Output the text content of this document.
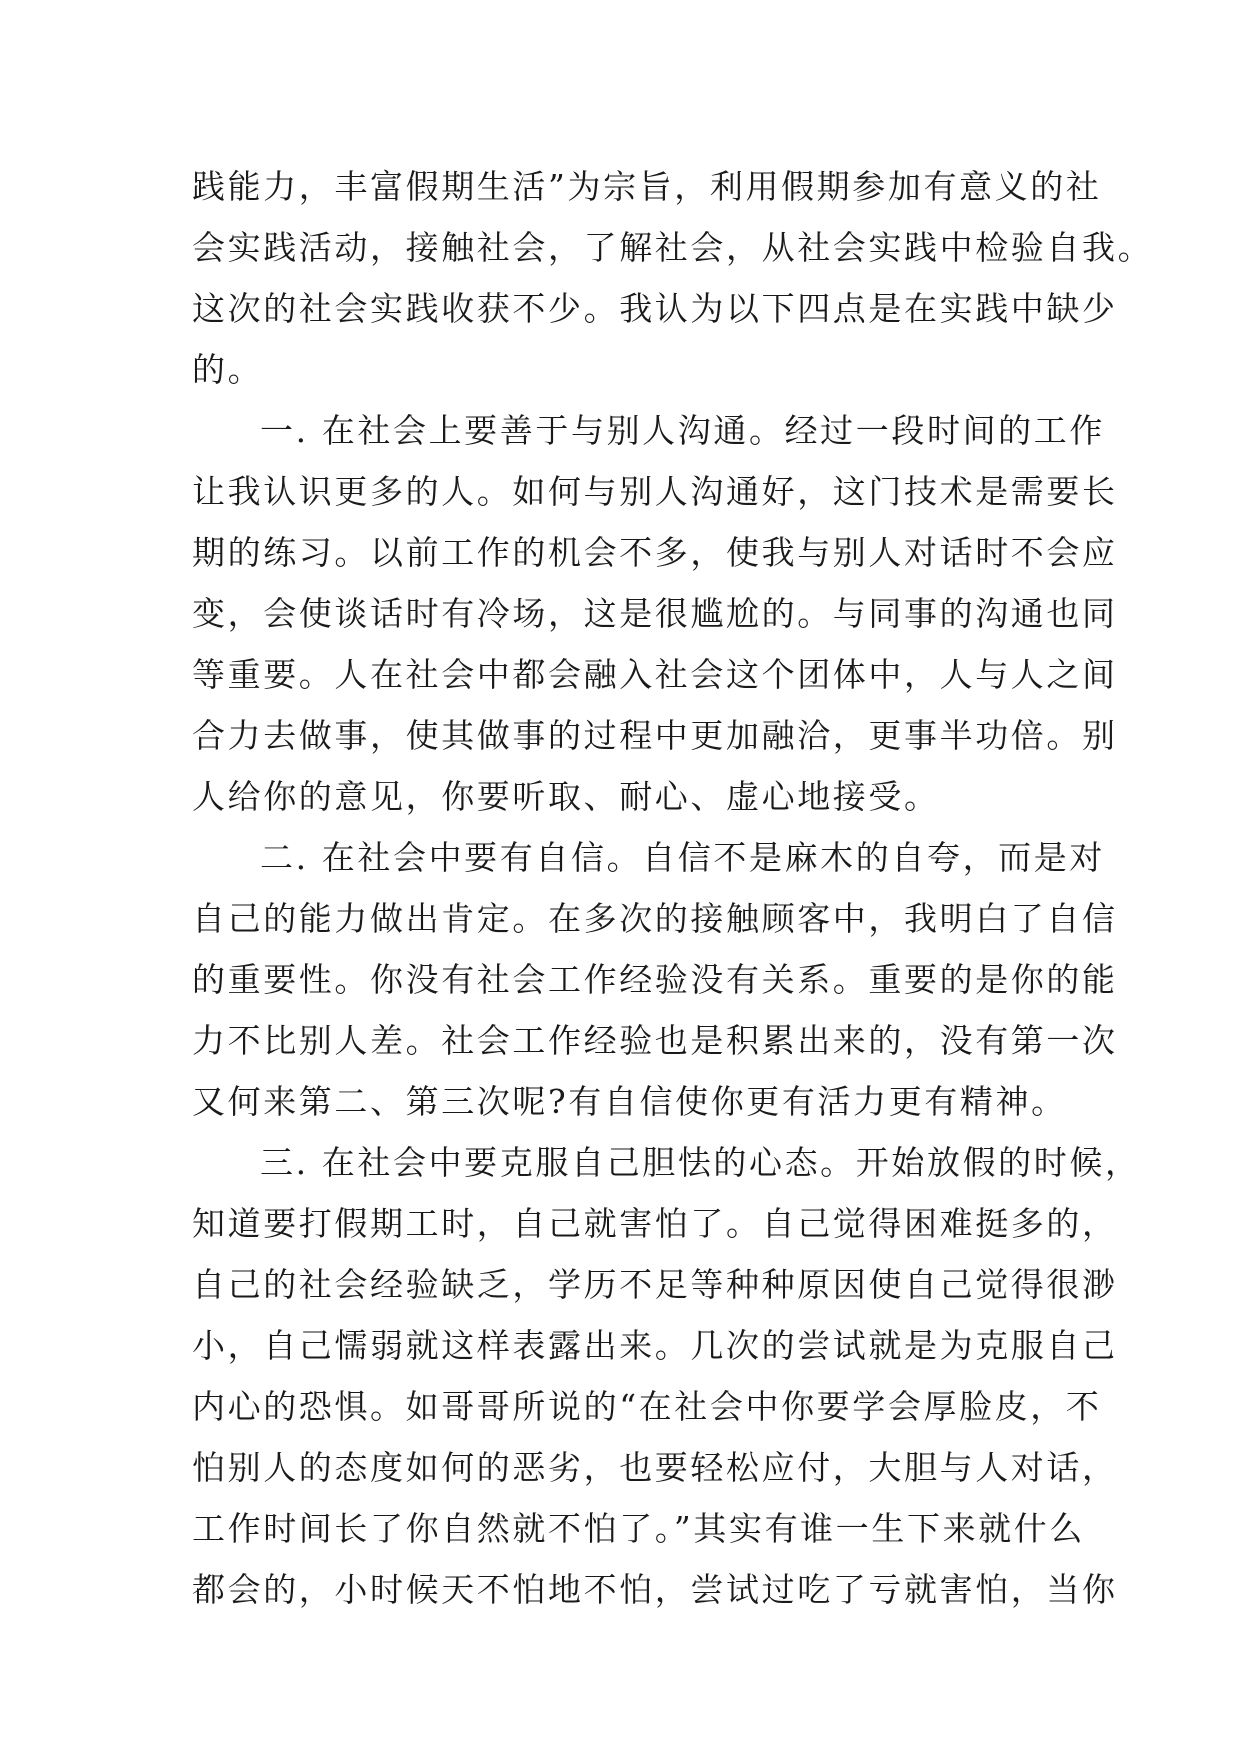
践能力，丰富假期生活”为宗旨，利用假期参加有意义的社
会实践活动，接触社会，了解社会，从社会实践中检验自我。
这次的社会实践收获不少。我认为以下四点是在实践中缺少
的。
一. 在社会上要善于与别人沟通。经过一段时间的工作
让我认识更多的人。如何与别人沟通好，这门技术是需要长
期的练习。以前工作的机会不多，使我与别人对话时不会应
变，会使谈话时有冷场，这是很尴尬的。与同事的沟通也同
等重要。人在社会中都会融入社会这个团体中，人与人之间
合力去做事，使其做事的过程中更加融洽，更事半功倍。别
人给你的意见，你要听取、耐心、虚心地接受。
二. 在社会中要有自信。自信不是麻木的自夸，而是对
自己的能力做出肯定。在多次的接触顾客中，我明白了自信
的重要性。你没有社会工作经验没有关系。重要的是你的能
力不比别人差。社会工作经验也是积累出来的，没有第一次
又何来第二、第三次呢?有自信使你更有活力更有精神。
三. 在社会中要克服自己胆怯的心态。开始放假的时候，
知道要打假期工时，自己就害怕了。自己觉得困难挺多的，
自己的社会经验缺乏，学历不足等种种原因使自己觉得很渺
小，自己懦弱就这样表露出来。几次的尝试就是为克服自己
内心的恐惧。如哥哥所说的“在社会中你要学会厚脸皮，不
怕别人的态度如何的恶劣，也要轻松应付，大胆与人对话，
工作时间长了你自然就不怕了。”其实有谁一生下来就什么
都会的，小时候天不怕地不怕，尝试过吃了亏就害怕，当你
